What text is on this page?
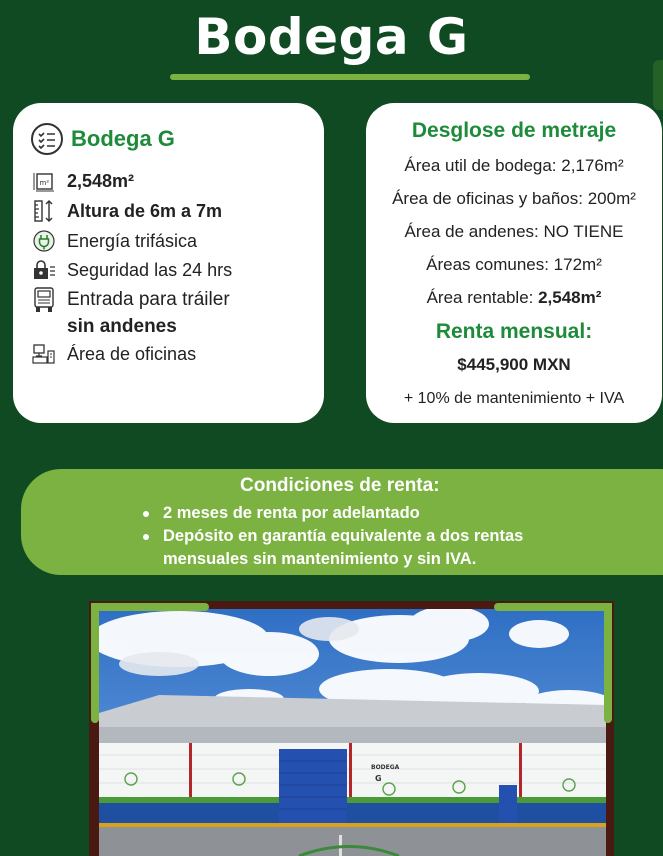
Bodega G
Bodega G
m² 2,548m²
Altura de 6m a 7m
Energía trifásica
Seguridad las 24 hrs
Entrada para tráiler
sin andenes
Área de oficinas
Desglose de metraje
Área util de bodega: 2,176m²
Área de oficinas y baños: 200m²
Área de andenes: NO TIENE
Áreas comunes: 172m²
Área rentable: 2,548m²
Renta mensual:
$445,900 MXN
+ 10% de mantenimiento + IVA
Condiciones de renta:
2 meses de renta por adelantado
Depósito en garantía equivalente a dos rentas mensuales sin mantenimiento y sin IVA.
BODEGA
G
